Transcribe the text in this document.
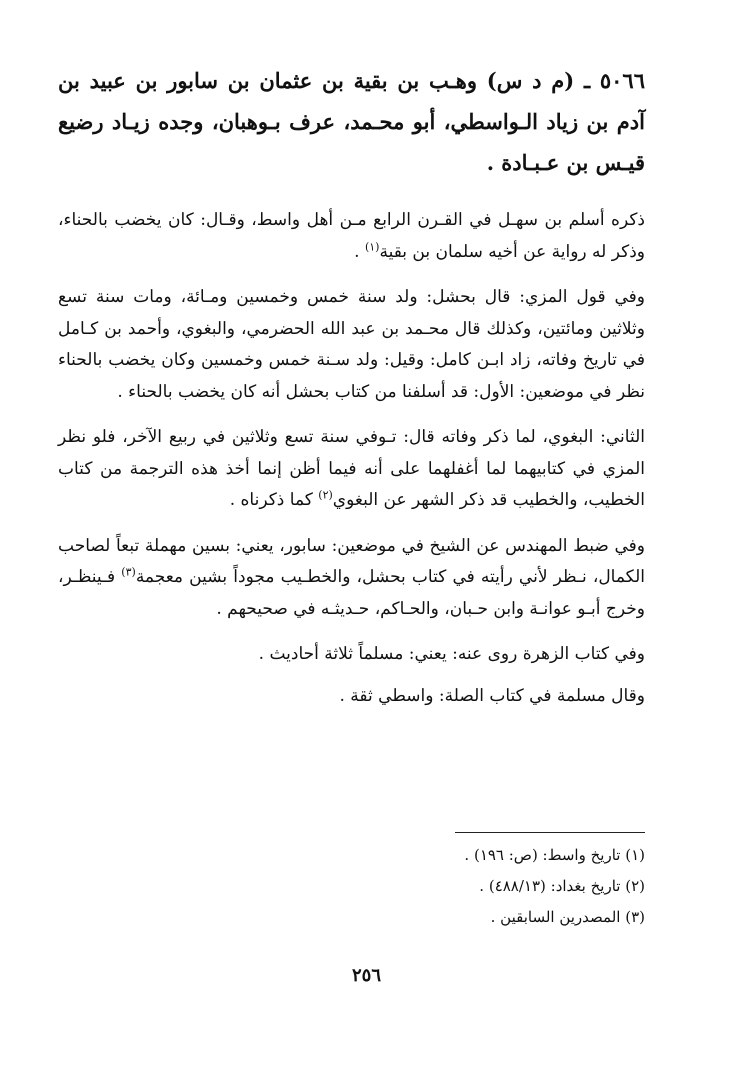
٥٠٦٦ ـ (م د س) وهـب بن بقية بن عثمان بن سابور بن عبيد بن آدم بن زياد الـواسطي، أبو محـمد، عرف بـوهبان، وجده زيـاد رضيع قيـس بن عـبـادة .

ذكره أسلم بن سهـل في القـرن الرابع مـن أهل واسط، وقـال: كان يخضب بالحناء، وذكر له رواية عن أخيه سلمان بن بقية$^{(١)}$ .

وفي قول المزي: قال بحشل: ولد سنة خمس وخمسين ومـائة، ومات سنة تسع وثلاثين ومائتين، وكذلك قال محـمد بن عبد الله الحضرمي، والبغوي، وأحمد بن كـامل في تاريخ وفاته، زاد ابـن كامل: وقيل: ولد سـنة خمس وخمسين وكان يخضب بالحناء نظر في موضعين: الأول: قد أسلفنا من كتاب بحشل أنه كان يخضب بالحناء .

الثاني: البغوي، لما ذكر وفاته قال: تـوفي سنة تسع وثلاثين في ربيع الآخر، فلو نظر المزي في كتابيهما لما أغفلهما على أنه فيما أظن إنما أخذ هذه الترجمة من كتاب الخطيب، والخطيب قد ذكر الشهر عن البغوي$^{(٢)}$ كما ذكرناه .

وفي ضبط المهندس عن الشيخ في موضعين: سابور، يعني: بسين مهملة تبعاً لصاحب الكمال، نـظر لأني رأيته في كتاب بحشل، والخطـيب مجوداً بشين معجمة$^{(٣)}$ فـينظـر، وخرج أبـو عوانـة وابن حـبان، والحـاكم، حـديثـه في صحيحهم .

وفي كتاب الزهرة روى عنه: يعني: مسلماً ثلاثة أحاديث .

وقال مسلمة في كتاب الصلة: واسطي ثقة .

(١) تاريخ واسط: (ص: ١٩٦) .

(٢) تاريخ بغداد: (٤٨٨/١٣) .

(٣) المصدرين السابقين .

٢٥٦
